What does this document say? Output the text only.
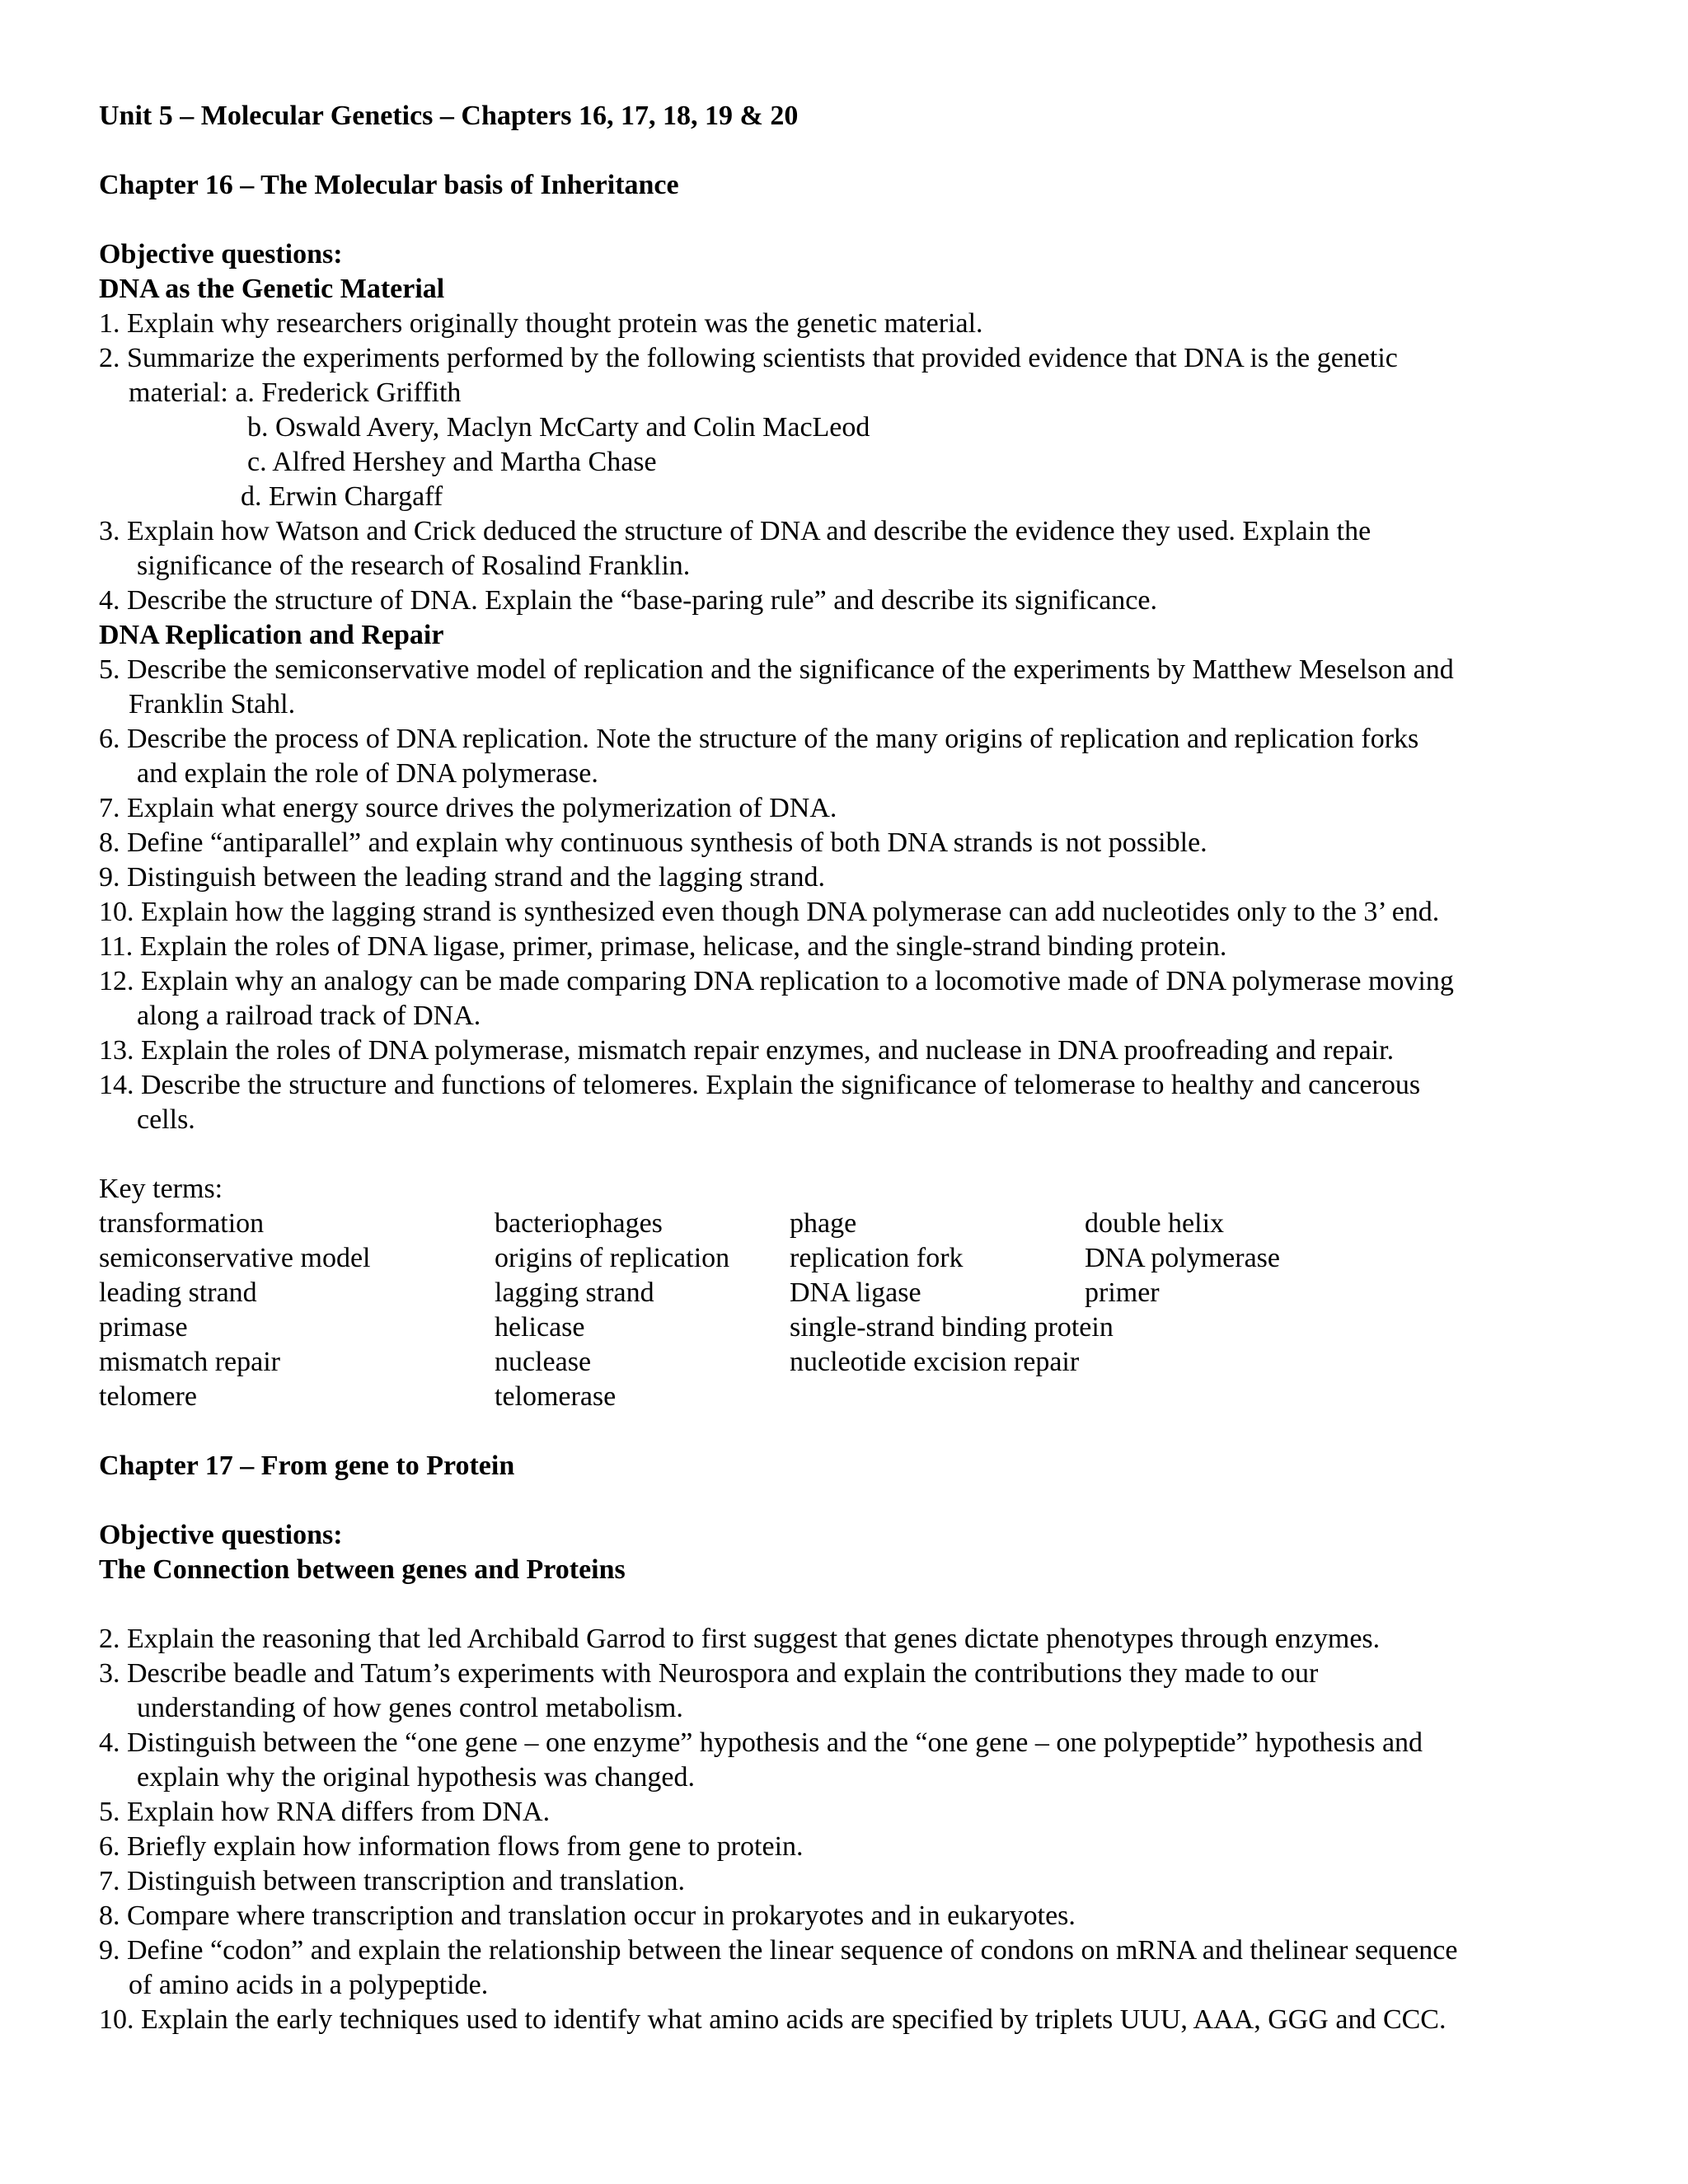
Unit 5 – Molecular Genetics – Chapters 16, 17, 18, 19 & 20
Chapter 16 – The Molecular basis of Inheritance
Objective questions:
DNA as the Genetic Material
1. Explain why researchers originally thought protein was the genetic material.
2. Summarize the experiments performed by the following scientists that provided evidence that DNA is the genetic
material: a. Frederick Griffith
b. Oswald Avery, Maclyn McCarty and Colin MacLeod
c. Alfred Hershey and Martha Chase
d. Erwin Chargaff
3. Explain how Watson and Crick deduced the structure of DNA and describe the evidence they used. Explain the
significance of the research of Rosalind Franklin.
4. Describe the structure of DNA. Explain the “base-paring rule” and describe its significance.
DNA Replication and Repair
5. Describe the semiconservative model of replication and the significance of the experiments by Matthew Meselson and
Franklin Stahl.
6. Describe the process of DNA replication. Note the structure of the many origins of replication and replication forks
and explain the role of DNA polymerase.
7. Explain what energy source drives the polymerization of DNA.
8. Define “antiparallel” and explain why continuous synthesis of both DNA strands is not possible.
9. Distinguish between the leading strand and the lagging strand.
10. Explain how the lagging strand is synthesized even though DNA polymerase can add nucleotides only to the 3’ end.
11. Explain the roles of DNA ligase, primer, primase, helicase, and the single-strand binding protein.
12. Explain why an analogy can be made comparing DNA replication to a locomotive made of DNA polymerase moving
along a railroad track of DNA.
13. Explain the roles of DNA polymerase, mismatch repair enzymes, and nuclease in DNA proofreading and repair.
14. Describe the structure and functions of telomeres. Explain the significance of telomerase to healthy and cancerous
cells.
Key terms:
transformation	bacteriophages	phage	double helix
semiconservative model	origins of replication	replication fork	DNA polymerase
leading strand	lagging strand	DNA ligase	primer
primase	helicase	single-strand binding protein
mismatch repair	nuclease	nucleotide excision repair
telomere	telomerase
Chapter 17 – From gene to Protein
Objective questions:
The Connection between genes and Proteins
2. Explain the reasoning that led Archibald Garrod to first suggest that genes dictate phenotypes through enzymes.
3. Describe beadle and Tatum’s experiments with Neurospora and explain the contributions they made to our
understanding of how genes control metabolism.
4. Distinguish between the “one gene – one enzyme” hypothesis and the “one gene – one polypeptide” hypothesis and
explain why the original hypothesis was changed.
5. Explain how RNA differs from DNA.
6. Briefly explain how information flows from gene to protein.
7. Distinguish between transcription and translation.
8. Compare where transcription and translation occur in prokaryotes and in eukaryotes.
9. Define “codon” and explain the relationship between the linear sequence of condons on mRNA and thelinear sequence
of amino acids in a polypeptide.
10. Explain the early techniques used to identify what amino acids are specified by triplets UUU, AAA, GGG and CCC.
